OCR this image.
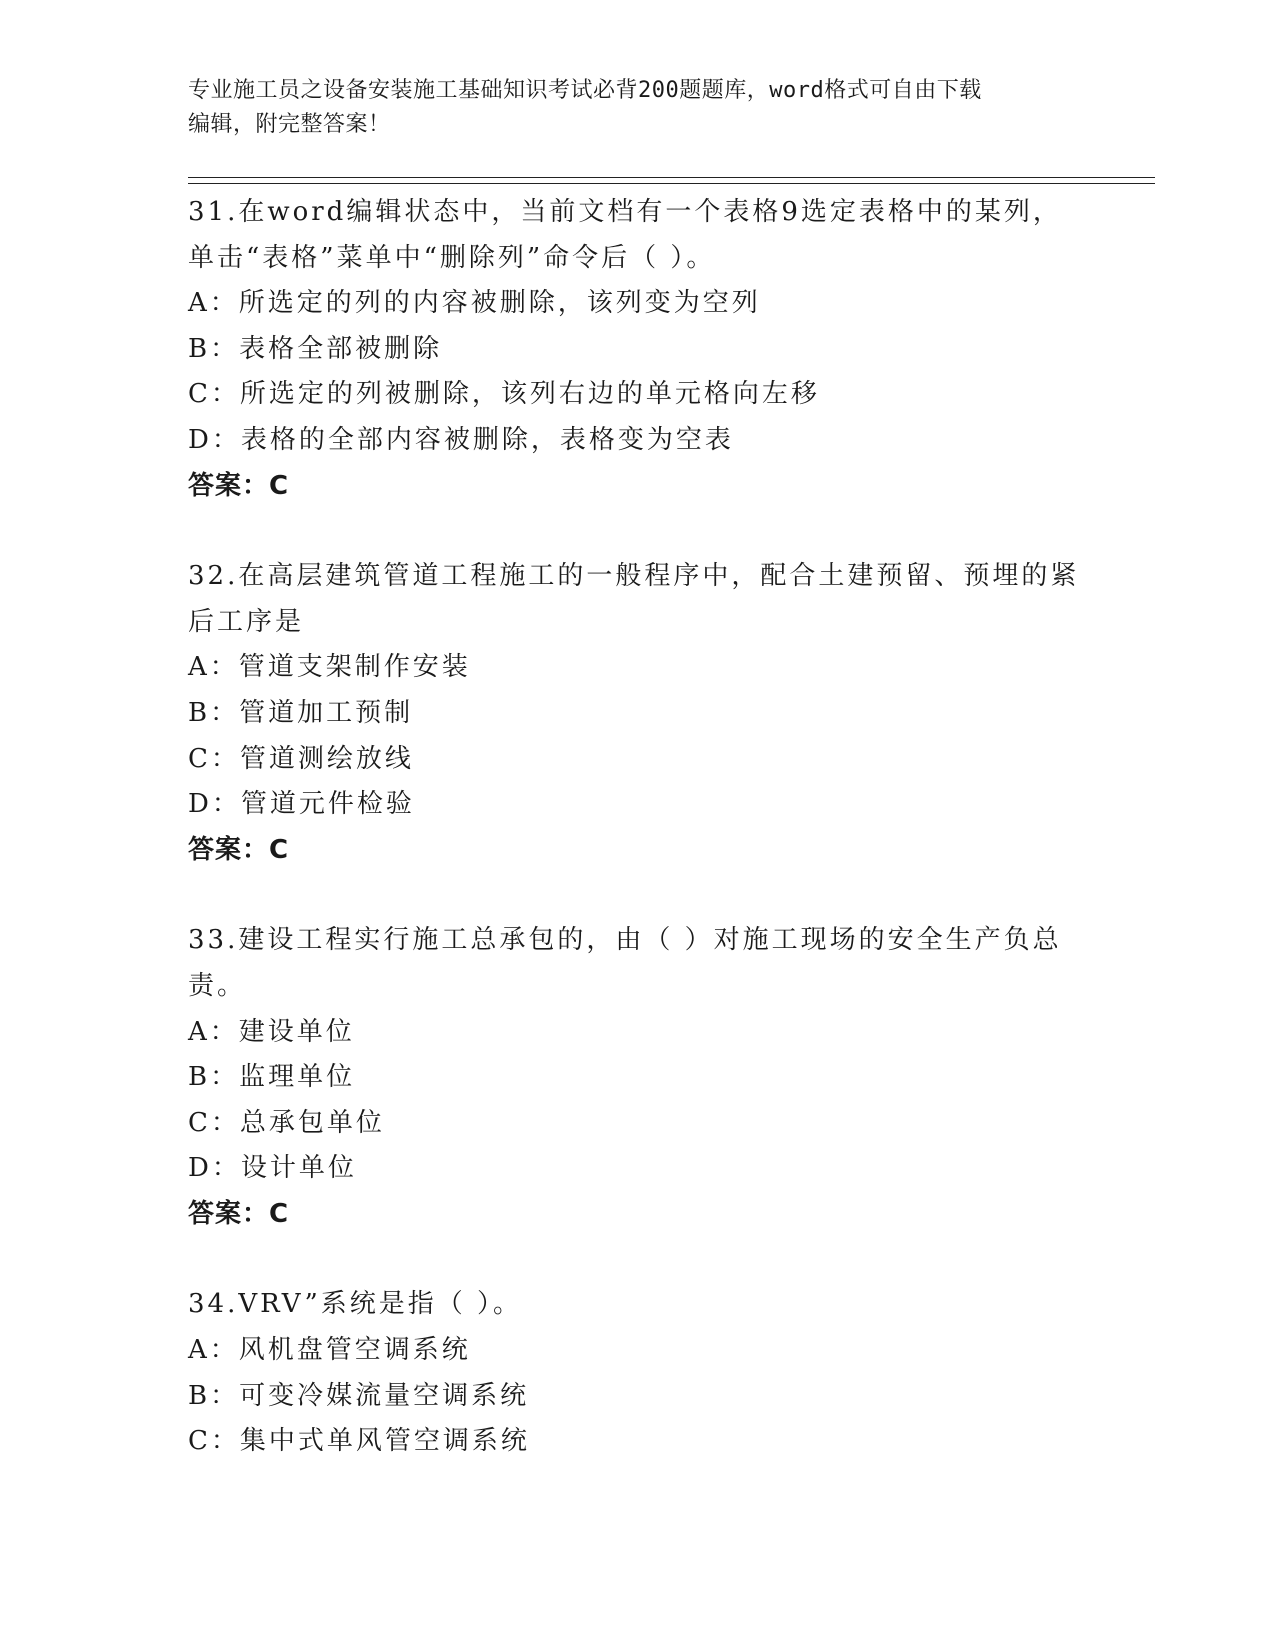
专业施工员之设备安装施工基础知识考试必背200题题库，word格式可自由下载
编辑，附完整答案！
31.在word编辑状态中，当前文档有一个表格9选定表格中的某列，
单击“表格”菜单中“删除列”命令后（ ）。
A：所选定的列的内容被删除，该列变为空列
B：表格全部被删除
C：所选定的列被删除，该列右边的单元格向左移
D：表格的全部内容被删除，表格变为空表
答案：C
32.在高层建筑管道工程施工的一般程序中，配合土建预留、预埋的紧
后工序是
A：管道支架制作安装
B：管道加工预制
C：管道测绘放线
D：管道元件检验
答案：C
33.建设工程实行施工总承包的，由（ ）对施工现场的安全生产负总
责。
A：建设单位
B：监理单位
C：总承包单位
D：设计单位
答案：C
34.VRV”系统是指（ ）。
A：风机盘管空调系统
B：可变冷媒流量空调系统
C：集中式单风管空调系统
